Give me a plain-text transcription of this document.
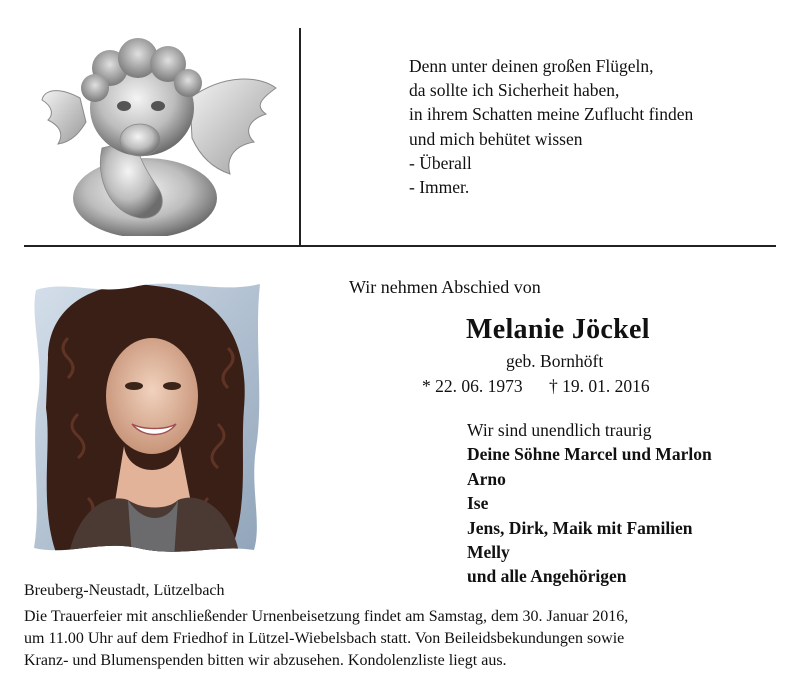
Denn unter deinen großen Flügeln,
da sollte ich Sicherheit haben,
in ihrem Schatten meine Zuflucht finden
und mich behütet wissen
- Überall
- Immer.
Wir nehmen Abschied von
Melanie Jöckel
geb. Bornhöft
* 22. 06. 1973 † 19. 01. 2016
Wir sind unendlich traurig
Deine Söhne Marcel und Marlon
Arno
Ise
Jens, Dirk, Maik mit Familien
Melly
und alle Angehörigen
Breuberg-Neustadt, Lützelbach
Die Trauerfeier mit anschließender Urnenbeisetzung findet am Samstag, dem 30. Januar 2016,
um 11.00 Uhr auf dem Friedhof in Lützel-Wiebelsbach statt. Von Beileidsbekundungen sowie
Kranz- und Blumenspenden bitten wir abzusehen. Kondolenzliste liegt aus.
